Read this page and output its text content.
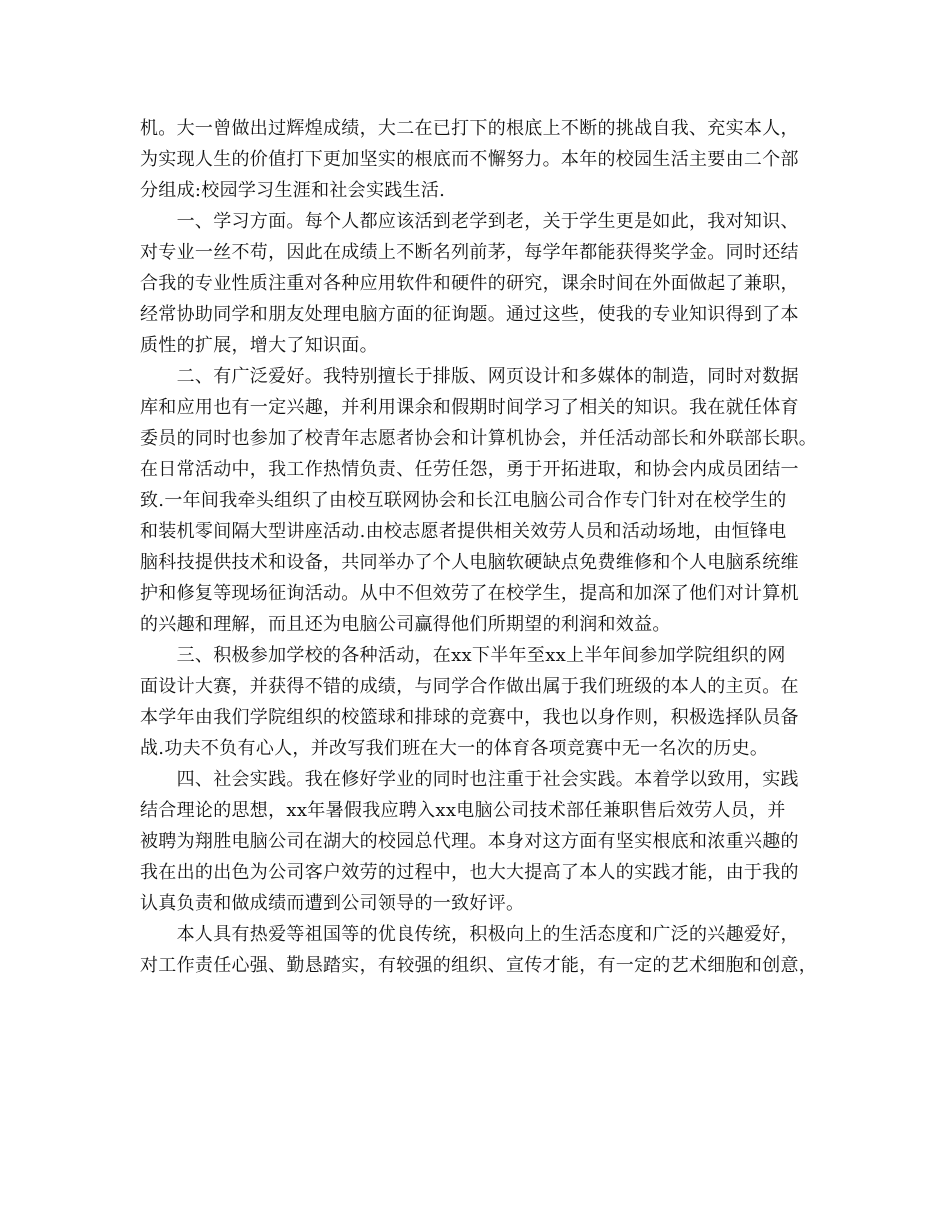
机。大一曾做出过辉煌成绩，大二在已打下的根底上不断的挑战自我、充实本人，

为实现人生的价值打下更加坚实的根底而不懈努力。本年的校园生活主要由二个部

分组成:校园学习生涯和社会实践生活.

　　一、学习方面。每个人都应该活到老学到老，关于学生更是如此，我对知识、

对专业一丝不苟，因此在成绩上不断名列前茅，每学年都能获得奖学金。同时还结

合我的专业性质注重对各种应用软件和硬件的研究，课余时间在外面做起了兼职，

经常协助同学和朋友处理电脑方面的征询题。通过这些，使我的专业知识得到了本

质性的扩展，增大了知识面。

　　二、有广泛爱好。我特别擅长于排版、网页设计和多媒体的制造，同时对数据

库和应用也有一定兴趣，并利用课余和假期时间学习了相关的知识。我在就任体育

委员的同时也参加了校青年志愿者协会和计算机协会，并任活动部长和外联部长职。

在日常活动中，我工作热情负责、任劳任怨，勇于开拓进取，和协会内成员团结一

致.一年间我牵头组织了由校互联网协会和长江电脑公司合作专门针对在校学生的

和装机零间隔大型讲座活动.由校志愿者提供相关效劳人员和活动场地，由恒锋电

脑科技提供技术和设备，共同举办了个人电脑软硬缺点免费维修和个人电脑系统维

护和修复等现场征询活动。从中不但效劳了在校学生，提高和加深了他们对计算机

的兴趣和理解，而且还为电脑公司赢得他们所期望的利润和效益。

　　三、积极参加学校的各种活动，在xx下半年至xx上半年间参加学院组织的网

面设计大赛，并获得不错的成绩，与同学合作做出属于我们班级的本人的主页。在

本学年由我们学院组织的校篮球和排球的竞赛中，我也以身作则，积极选择队员备

战.功夫不负有心人，并改写我们班在大一的体育各项竞赛中无一名次的历史。

　　四、社会实践。我在修好学业的同时也注重于社会实践。本着学以致用，实践

结合理论的思想，xx年暑假我应聘入xx电脑公司技术部任兼职售后效劳人员，并

被聘为翔胜电脑公司在湖大的校园总代理。本身对这方面有坚实根底和浓重兴趣的

我在出的出色为公司客户效劳的过程中，也大大提高了本人的实践才能，由于我的

认真负责和做成绩而遭到公司领导的一致好评。

　　本人具有热爱等祖国等的优良传统，积极向上的生活态度和广泛的兴趣爱好，

对工作责任心强、勤恳踏实，有较强的组织、宣传才能，有一定的艺术细胞和创意，
